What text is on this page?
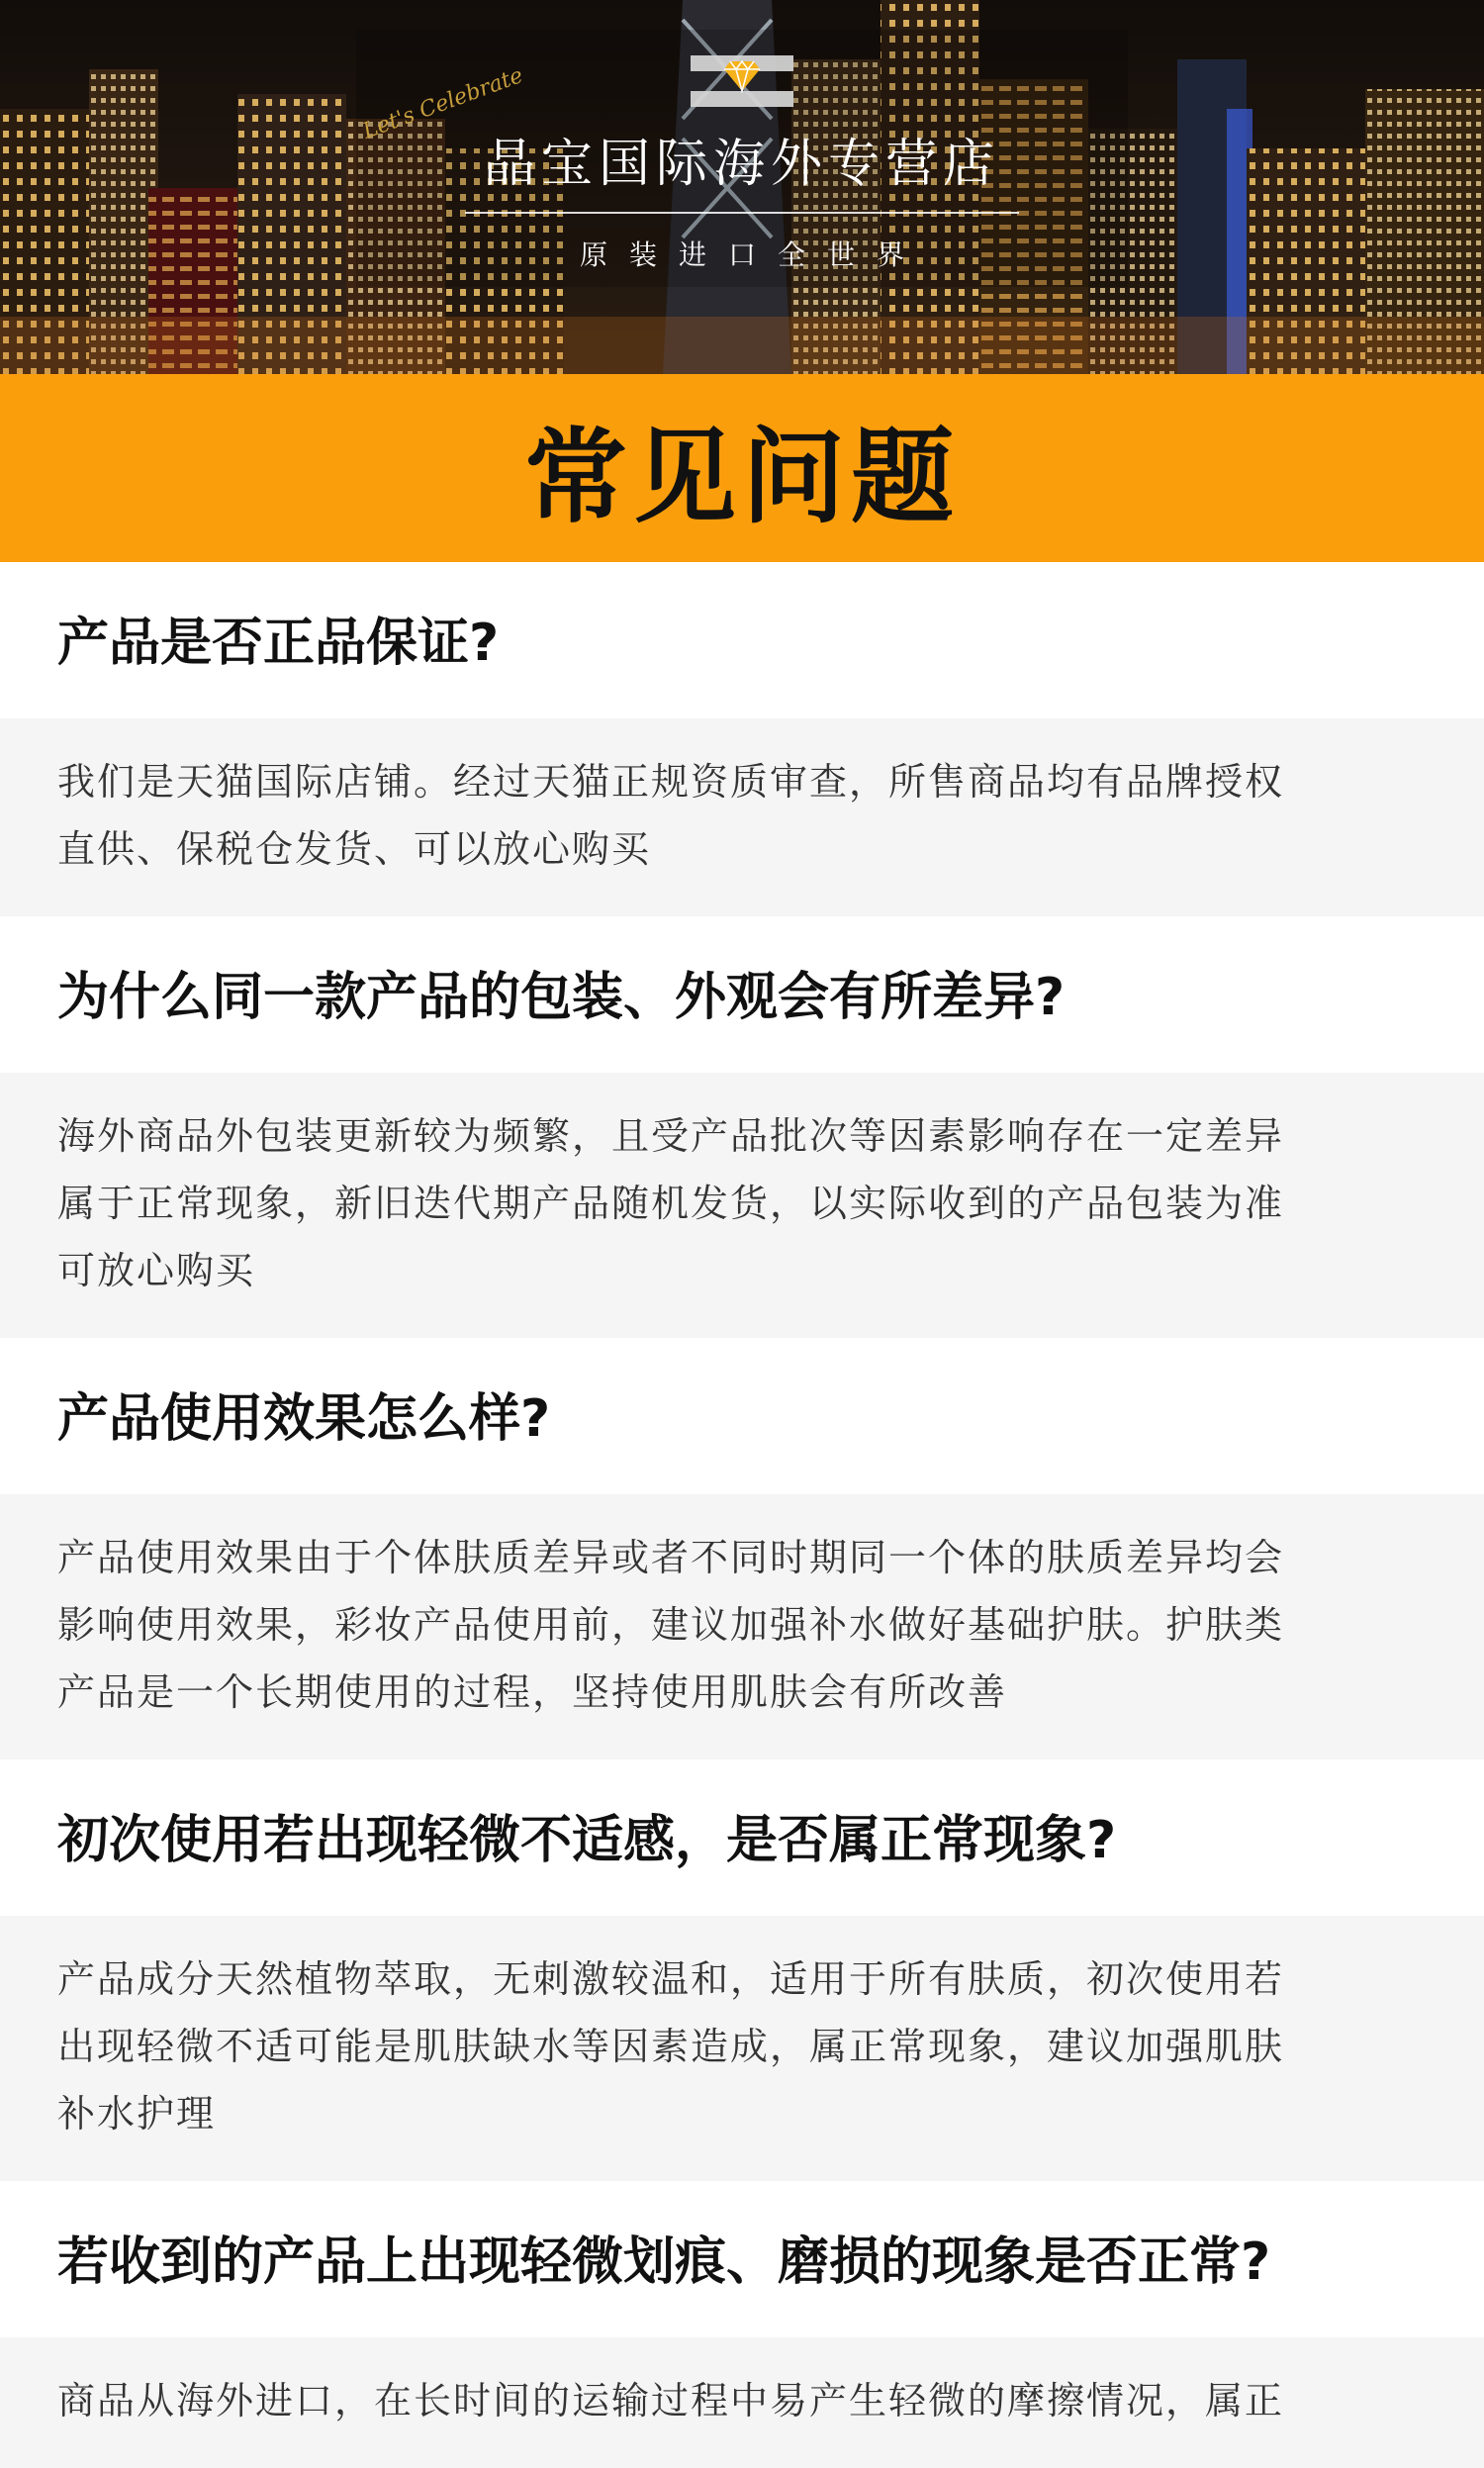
Let's Celebrate
晶宝国际海外专营店
原装进口全世界
常见问题
产品是否正品保证?
我们是天猫国际店铺。经过天猫正规资质审查，所售商品均有品牌授权
直供、保税仓发货、可以放心购买
为什么同一款产品的包装、外观会有所差异?
海外商品外包装更新较为频繁，且受产品批次等因素影响存在一定差异
属于正常现象，新旧迭代期产品随机发货，以实际收到的产品包装为准
可放心购买
产品使用效果怎么样?
产品使用效果由于个体肤质差异或者不同时期同一个体的肤质差异均会
影响使用效果，彩妆产品使用前，建议加强补水做好基础护肤。护肤类
产品是一个长期使用的过程，坚持使用肌肤会有所改善
初次使用若出现轻微不适感，是否属正常现象?
产品成分天然植物萃取，无刺激较温和，适用于所有肤质，初次使用若
出现轻微不适可能是肌肤缺水等因素造成，属正常现象，建议加强肌肤
补水护理
若收到的产品上出现轻微划痕、磨损的现象是否正常?
商品从海外进口，在长时间的运输过程中易产生轻微的摩擦情况，属正
